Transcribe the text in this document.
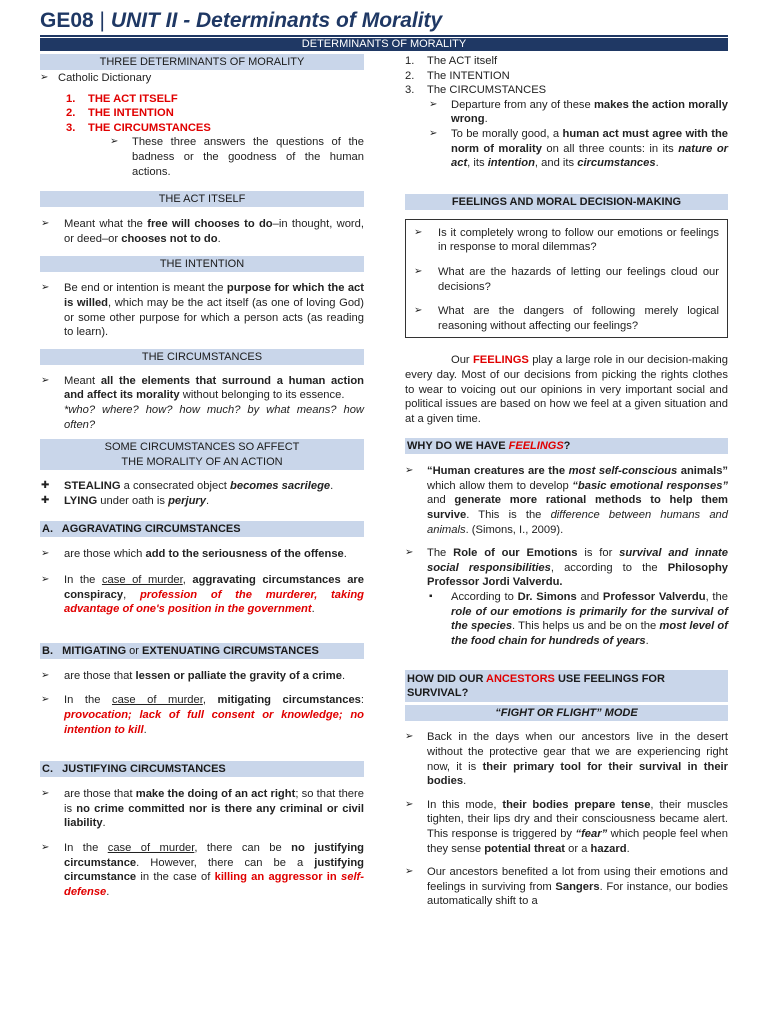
GE08 | UNIT II - Determinants of Morality
DETERMINANTS OF MORALITY
THREE DETERMINANTS OF MORALITY
➢ Catholic Dictionary
1. THE ACT ITSELF
2. THE INTENTION
3. THE CIRCUMSTANCES
➢ These three answers the questions of the badness or the goodness of the human actions.
THE ACT ITSELF
➢ Meant what the free will chooses to do–in thought, word, or deed–or chooses not to do.
THE INTENTION
➢ Be end or intention is meant the purpose for which the act is willed, which may be the act itself (as one of loving God) or some other purpose for which a person acts (as reading to learn).
THE CIRCUMSTANCES
➢ Meant all the elements that surround a human action and affect its morality without belonging to its essence.
*who? where? how? how much? by what means? how often?
SOME CIRCUMSTANCES SO AFFECT
THE MORALITY OF AN ACTION
✚ STEALING a consecrated object becomes sacrilege.
✚ LYING under oath is perjury.
A.   AGGRAVATING CIRCUMSTANCES
➢ are those which add to the seriousness of the offense.
➢ In the case of murder, aggravating circumstances are conspiracy, profession of the murderer, taking advantage of one's position in the government.
B.   MITIGATING or EXTENUATING CIRCUMSTANCES
➢ are those that lessen or palliate the gravity of a crime.
➢ In the case of murder, mitigating circumstances: provocation; lack of full consent or knowledge; no intention to kill.
C.   JUSTIFYING CIRCUMSTANCES
➢ are those that make the doing of an act right; so that there is no crime committed nor is there any criminal or civil liability.
➢ In the case of murder, there can be no justifying circumstance. However, there can be a justifying circumstance in the case of killing an aggressor in self-defense.
1. The ACT itself
2. The INTENTION
3. The CIRCUMSTANCES
➢ Departure from any of these makes the action morally wrong.
➢ To be morally good, a human act must agree with the norm of morality on all three counts: in its nature or act, its intention, and its circumstances.
FEELINGS AND MORAL DECISION-MAKING
➢ Is it completely wrong to follow our emotions or feelings in response to moral dilemmas?
➢ What are the hazards of letting our feelings cloud our decisions?
➢ What are the dangers of following merely logical reasoning without affecting our feelings?
Our FEELINGS play a large role in our decision-making every day. Most of our decisions from picking the rights clothes to wear to voicing out our opinions in very important social and political issues are based on how we feel at a given situation and at a given time.
WHY DO WE HAVE FEELINGS?
➢ “Human creatures are the most self-conscious animals” which allow them to develop “basic emotional responses” and generate more rational methods to help them survive. This is the difference between humans and animals. (Simons, I., 2009).
➢ The Role of our Emotions is for survival and innate social responsibilities, according to the Philosophy Professor Jordi Valverdu.
▪ According to Dr. Simons and Professor Valverdu, the role of our emotions is primarily for the survival of the species. This helps us and be on the most level of the food chain for hundreds of years.
HOW DID OUR ANCESTORS USE FEELINGS FOR SURVIVAL?
“FIGHT OR FLIGHT” MODE
➢ Back in the days when our ancestors live in the desert without the protective gear that we are experiencing right now, it is their primary tool for their survival in their bodies.
➢ In this mode, their bodies prepare tense, their muscles tighten, their lips dry and their consciousness became alert. This response is triggered by “fear” which people feel when they sense potential threat or a hazard.
➢ Our ancestors benefited a lot from using their emotions and feelings in surviving from Sangers. For instance, our bodies automatically shift to a
